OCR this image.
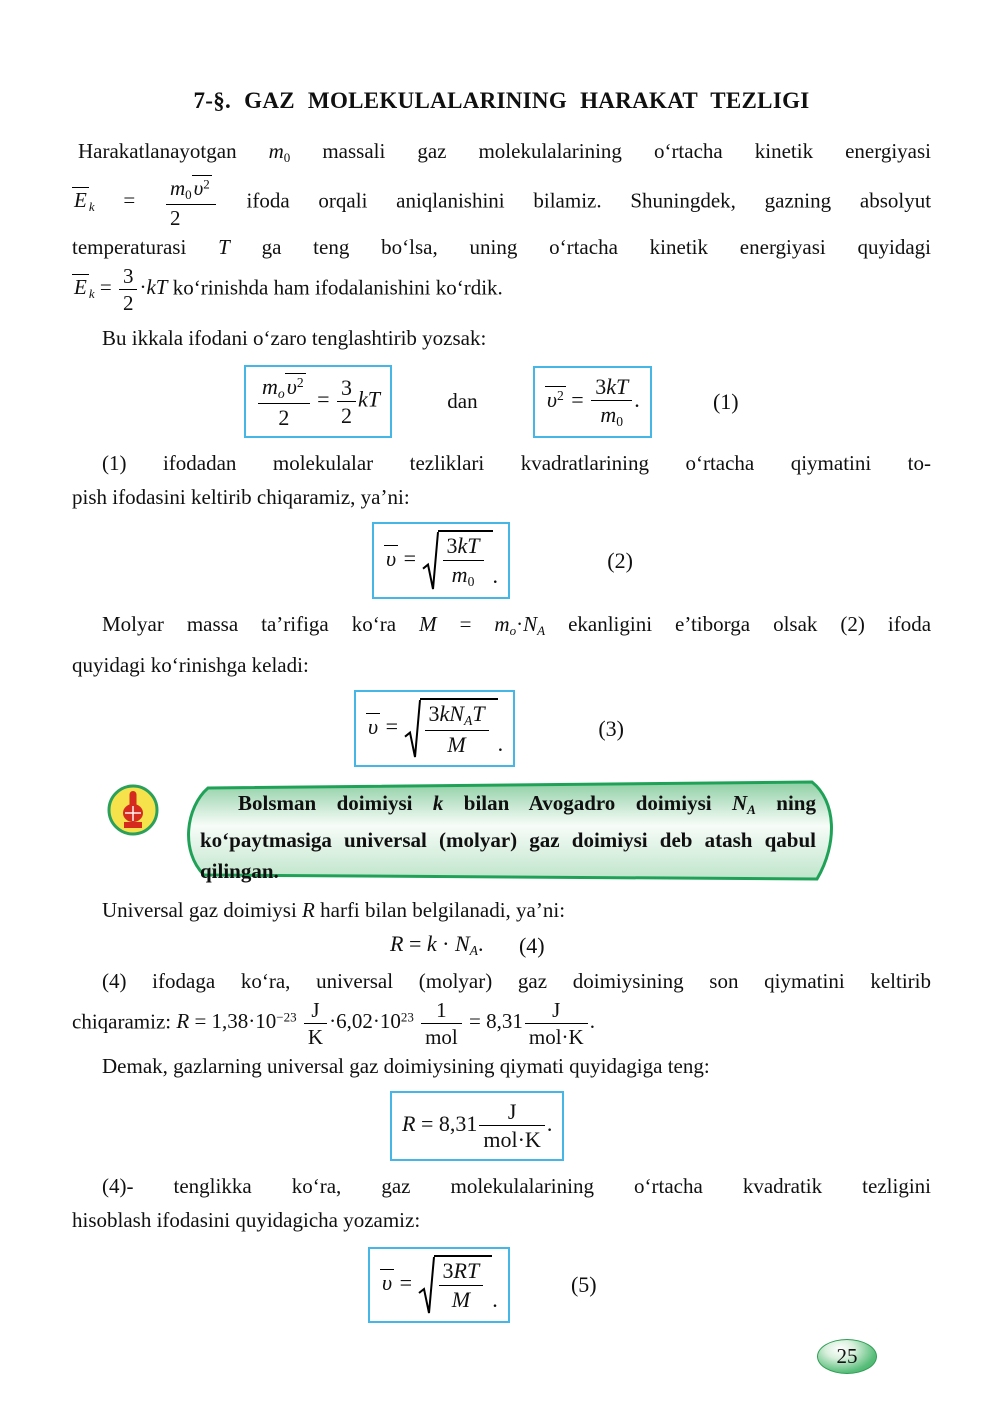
7-§. GAZ MOLEKULALARINING HARAKAT TEZLIGI
Harakatlanayotgan $m_0$ massali gaz molekulalarining o‘rtacha kinetik energiyasi
E $_k = \frac{m_0\upsilon^2}{2}$ ifoda orqali aniqlanishini bilamiz. Shuningdek, gazning absolyut
temperaturasi T ga teng bo‘lsa, uning o‘rtacha kinetik energiyasi quyidagi
E $_k = \frac{3}{2} \cdot kT$ ko‘rinishda ham ifodalanishini ko‘rdik.
Bu ikkala ifodani o‘zaro tenglashtirib yozsak:
$\frac{m_o\upsilon^2}{2} = \frac{3}{2}$ kT	dan	$\upsilon^2 = \frac{3kT}{m_0}$ .	(1)
(1) ifodadan molekulalar tezliklari kvadratlarining o‘rtacha qiymatini to-
pish ifodasini keltirib chiqaramiz, ya’ni:
$\upsilon = \frac{3kT}{m_0}$ .
(2)
Molyar massa ta’rifiga ko‘ra $M = m_o\cdot N_A$ ekanligini e’tiborga olsak (2) ifoda
quyidagi ko‘rinishga keladi:
$\upsilon = \frac{3kN_AT}{M}$ .
(3)
Bolsman doimiysi k bilan Avogadro doimiysi $N_A$ ning ko‘paytmasiga universal (molyar) gaz doimiysi deb atash qabul qilingan.
Universal gaz doimiysi R harfi bilan belgilanadi, ya’ni:
$R = k \cdot N_A$. (4)
(4) ifodaga ko‘ra, universal (molyar) gaz doimiysining son qiymatini keltirib
chiqaramiz: $R = 1,38\cdot 10^{-23} \frac{J}{K} \cdot 6,02\cdot 10^{23} \frac{1}{\text{mol}} = 8,31 \frac{J}{\text{mol·K}}$ .
Demak, gazlarning universal gaz doimiysining qiymati quyidagiga teng:
$R = 8,31 \frac{J}{\text{mol·K}}$ .
(4)- tenglikka ko‘ra, gaz molekulalarining o‘rtacha kvadratik tezligini
hisoblash ifodasini quyidagicha yozamiz:
$\upsilon = \frac{3RT}{M}$ .
(5)
25
